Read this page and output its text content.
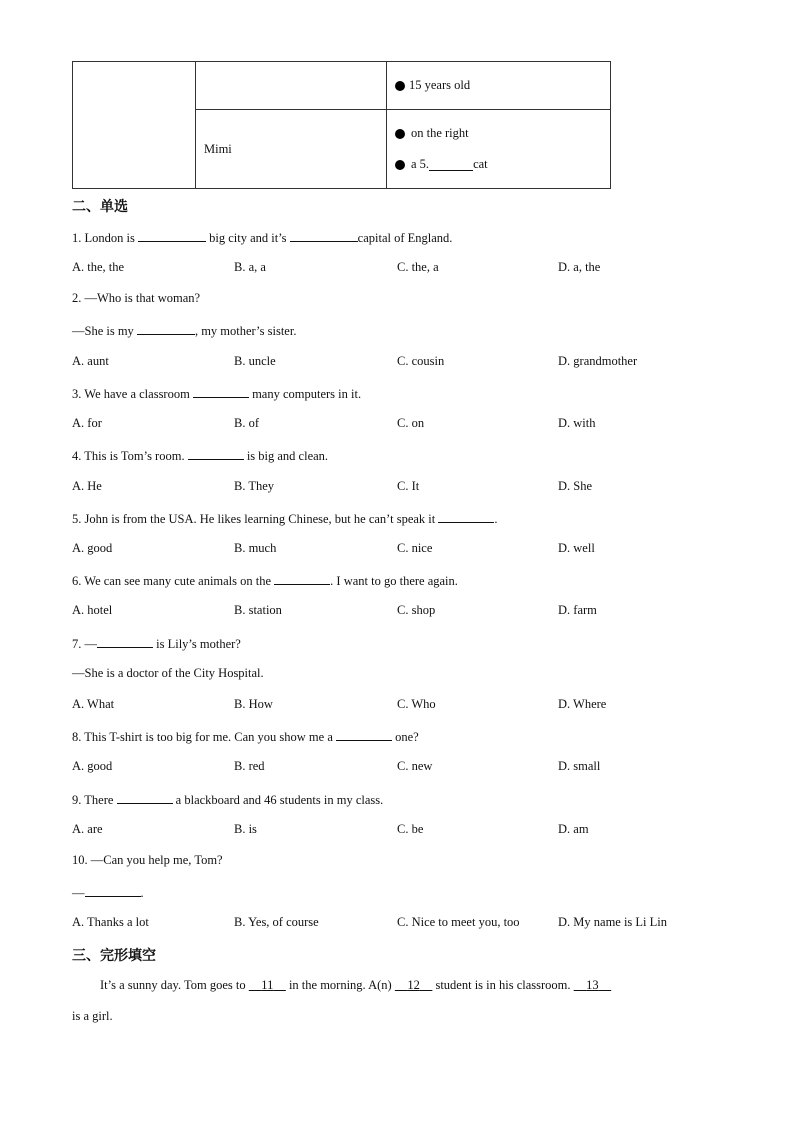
		15 years old

	Mimi	on the right
a 5. cat
二、单选
1. London is	big city and it’s	capital of England.
A. the, the	B. a, a	C. the, a	D. a, the
2. —Who is that woman?
—She is my	, my mother’s sister.
A. aunt	B. uncle	C. cousin	D. grandmother
3. We have a classroom	many computers in it.
A. for	B. of	C. on	D. with
4. This is Tom’s room.	is big and clean.
A. He	B. They	C. It	D. She
5. John is from the USA. He likes learning Chinese, but he can’t speak it	.
A. good	B. much	C. nice	D. well
6. We can see many cute animals on the	. I want to go there again.
A. hotel	B. station	C. shop	D. farm
7. —	is Lily’s mother?
—She is a doctor of the City Hospital.
A. What	B. How	C. Who	D. Where
8. This T-shirt is too big for me. Can you show me a	one?
A. good	B. red	C. new	D. small
9. There	a blackboard and 46 students in my class.
A. are	B. is	C. be	D. am
10. —Can you help me, Tom?
—	.
A. Thanks a lot	B. Yes, of course	C. Nice to meet you, too	D. My name is Li Lin
三、完形填空
It’s a sunny day. Tom goes to     11     in the morning. A(n)     12     student is in his classroom.     13
is a girl.
